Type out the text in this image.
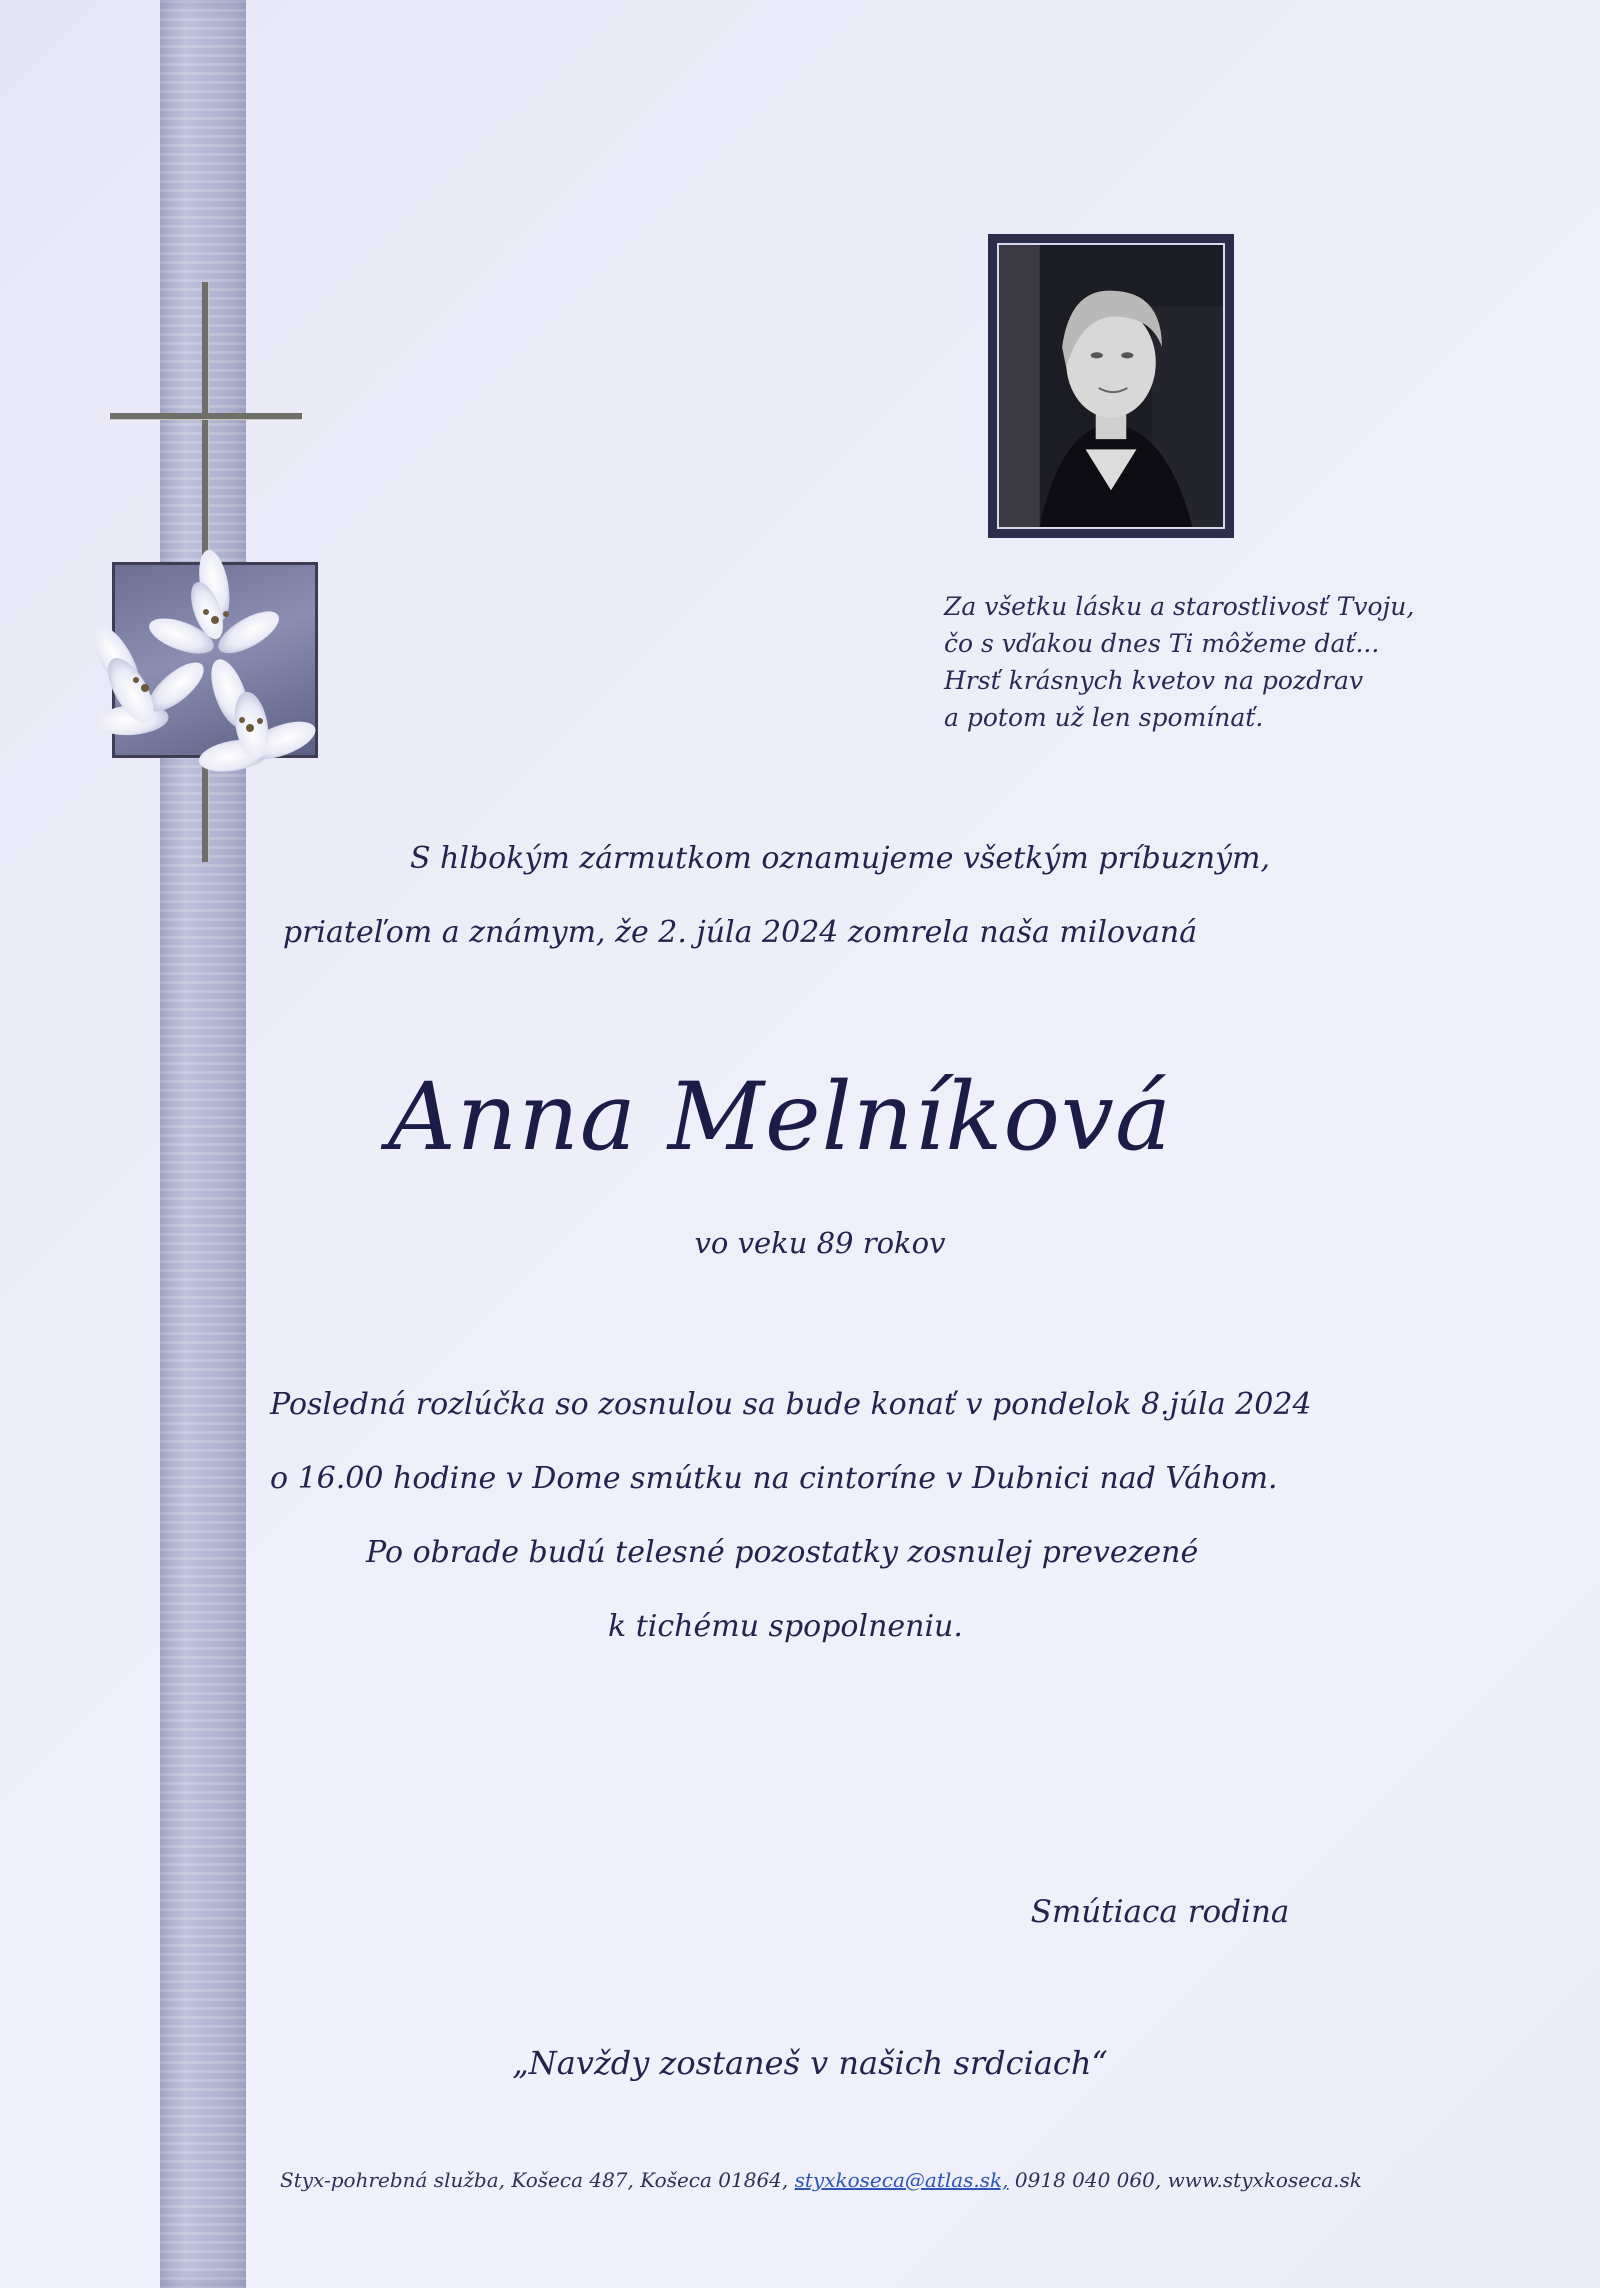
Za všetku lásku a starostlivosť Tvoju,
čo s vďakou dnes Ti môžeme dať...
Hrsť krásnych kvetov na pozdrav
a potom už len spomínať.
S hlbokým zármutkom oznamujeme všetkým príbuzným,
priateľom a známym, že 2. júla 2024 zomrela naša milovaná
Anna Melníková
vo veku 89 rokov
Posledná rozlúčka so zosnulou sa bude konať v pondelok 8.júla 2024
o 16.00 hodine v Dome smútku na cintoríne v Dubnici nad Váhom.
Po obrade budú telesné pozostatky zosnulej prevezené
k tichému spopolneniu.
Smútiaca rodina
„Navždy zostaneš v našich srdciach“
Styx-pohrebná služba, Košeca 487, Košeca 01864, styxkoseca@atlas.sk, 0918 040 060, www.styxkoseca.sk
